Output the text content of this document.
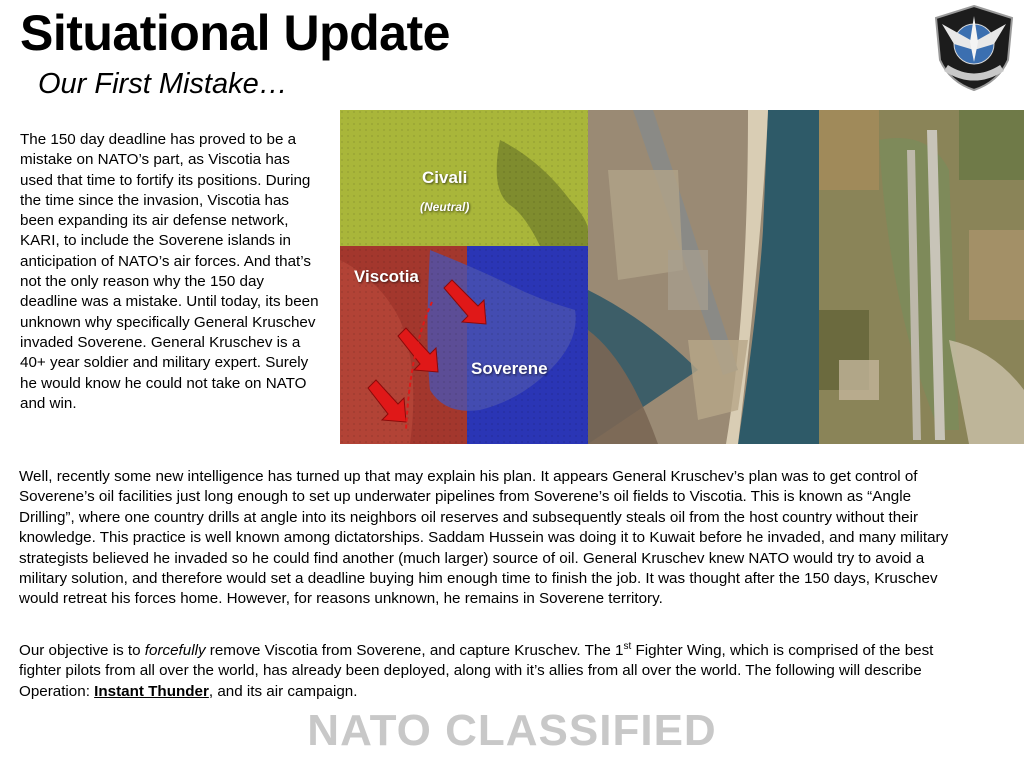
Situational Update
Our First Mistake…

The 150 day deadline has proved to be a mistake on NATO’s part, as Viscotia has used that time to fortify its positions. During the time since the invasion, Viscotia has been expanding its air defense network, KARI, to include the Soverene islands in anticipation of NATO’s air forces. And that’s not the only reason why the 150 day deadline was a mistake. Until today, its been unknown why specifically General Kruschev invaded Soverene. General Kruschev is a 40+ year soldier and military expert. Surely he would know he could not take on NATO and win.

Civali
(Neutral)
Viscotia
Soverene

Well, recently some new intelligence has turned up that may explain his plan. It appears General Kruschev’s plan was to get control of Soverene’s oil facilities just long enough to set up underwater pipelines from Soverene’s oil fields to Viscotia. This is known as “Angle Drilling”, where one country drills at angle into its neighbors oil reserves and subsequently steals oil from the host country without their knowledge. This practice is well known among dictatorships. Saddam Hussein was doing it to Kuwait before he invaded, and many military strategists believed he invaded so he could find another (much larger) source of oil. General Kruschev knew NATO would try to avoid a military solution, and therefore would set a deadline buying him enough time to finish the job. It was thought after the 150 days, Kruschev would retreat his forces home. However, for reasons unknown, he remains in Soverene territory.

Our objective is to forcefully remove Viscotia from Soverene, and capture Kruschev. The 1st Fighter Wing, which is comprised of the best fighter pilots from all over the world, has already been deployed, along with it’s allies from all over the world. The following will describe Operation: Instant Thunder, and its air campaign.

NATO CLASSIFIED
